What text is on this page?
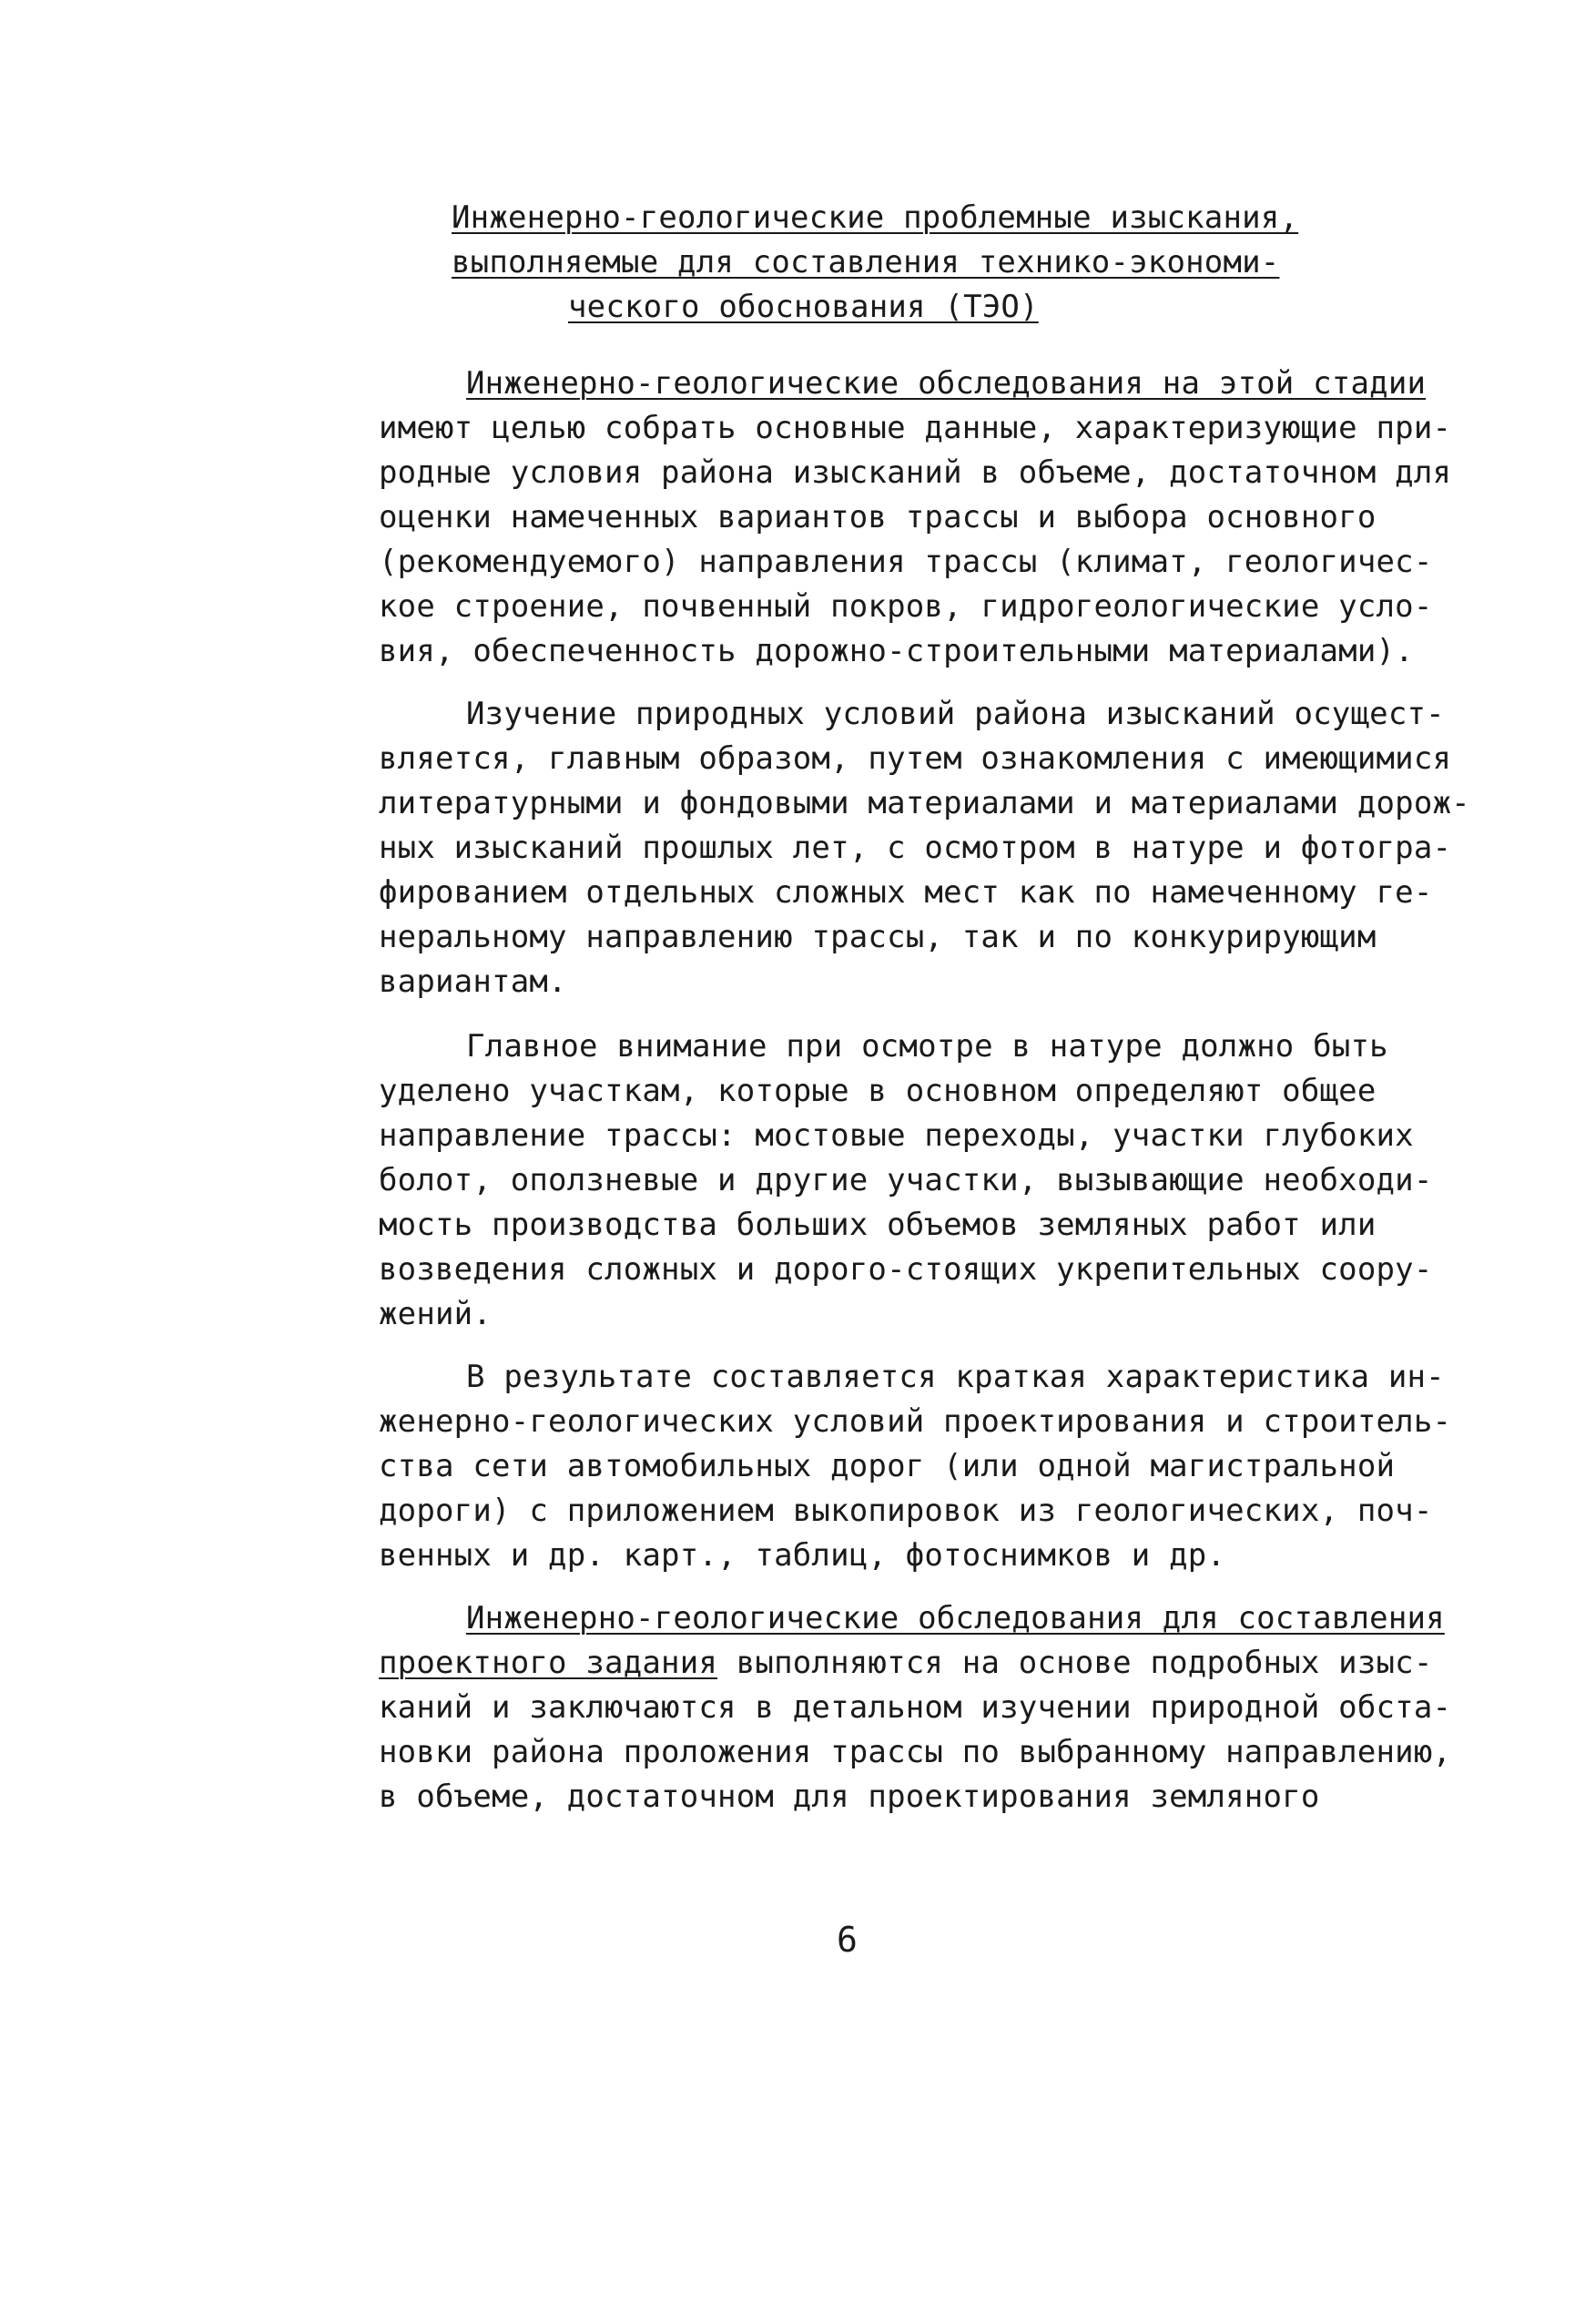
Инженерно-геологические проблемные изыскания,
выполняемые для составления технико-экономи-
ческого обоснования (ТЭО)
Инженерно-геологические обследования на этой стадии
имеют целью собрать основные данные, характеризующие при-
родные условия района изысканий в объеме, достаточном для
оценки намеченных вариантов трассы и выбора основного
(рекомендуемого) направления трассы (климат, геологичес-
кое строение, почвенный покров, гидрогеологические усло-
вия, обеспеченность дорожно-строительными материалами).
Изучение природных условий района изысканий осущест-
вляется, главным образом, путем ознакомления с имеющимися
литературными и фондовыми материалами и материалами дорож-
ных изысканий прошлых лет, с осмотром в натуре и фотогра-
фированием отдельных сложных мест как по намеченному ге-
неральному направлению трассы, так и по конкурирующим
вариантам.
Главное внимание при осмотре в натуре должно быть
уделено участкам, которые в основном определяют общее
направление трассы: мостовые переходы, участки глубоких
болот, оползневые и другие участки, вызывающие необходи-
мость производства больших объемов земляных работ или
возведения сложных и дорого-стоящих укрепительных соору-
жений.
В результате составляется краткая характеристика ин-
женерно-геологических условий проектирования и строитель-
ства сети автомобильных дорог (или одной магистральной
дороги) с приложением выкопировок из геологических, поч-
венных и др. карт., таблиц, фотоснимков и др.
Инженерно-геологические обследования для составления
проектного задания выполняются на основе подробных изыс-
каний и заключаются в детальном изучении природной обста-
новки района проложения трассы по выбранному направлению,
в объеме, достаточном для проектирования земляного
6
